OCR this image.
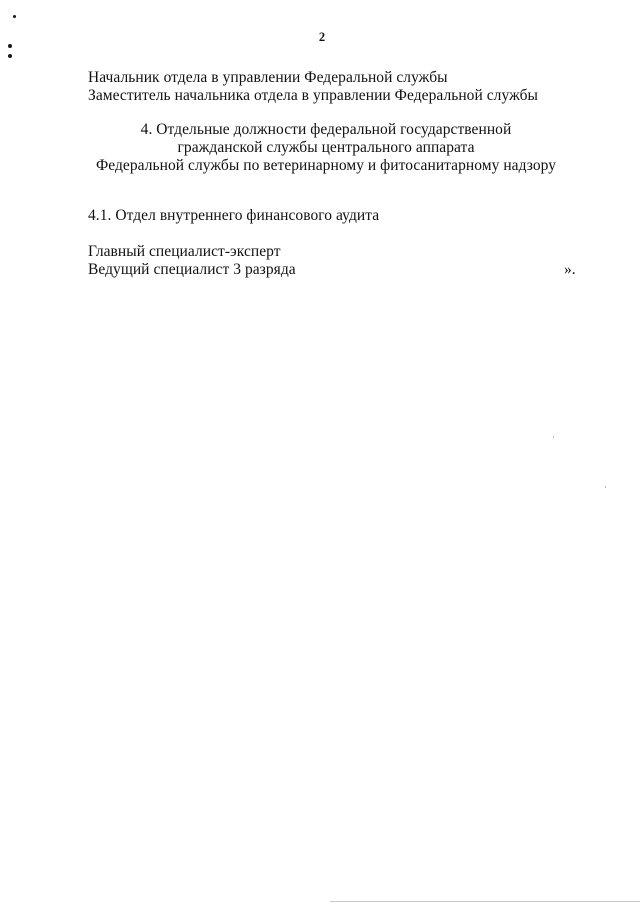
2
Начальник отдела в управлении Федеральной службы
Заместитель начальника отдела в управлении Федеральной службы
4. Отдельные должности федеральной государственной
гражданской службы центрального аппарата
Федеральной службы по ветеринарному и фитосанитарному надзору
4.1. Отдел внутреннего финансового аудита
Главный специалист-эксперт
Ведущий специалист 3 разряда	».
